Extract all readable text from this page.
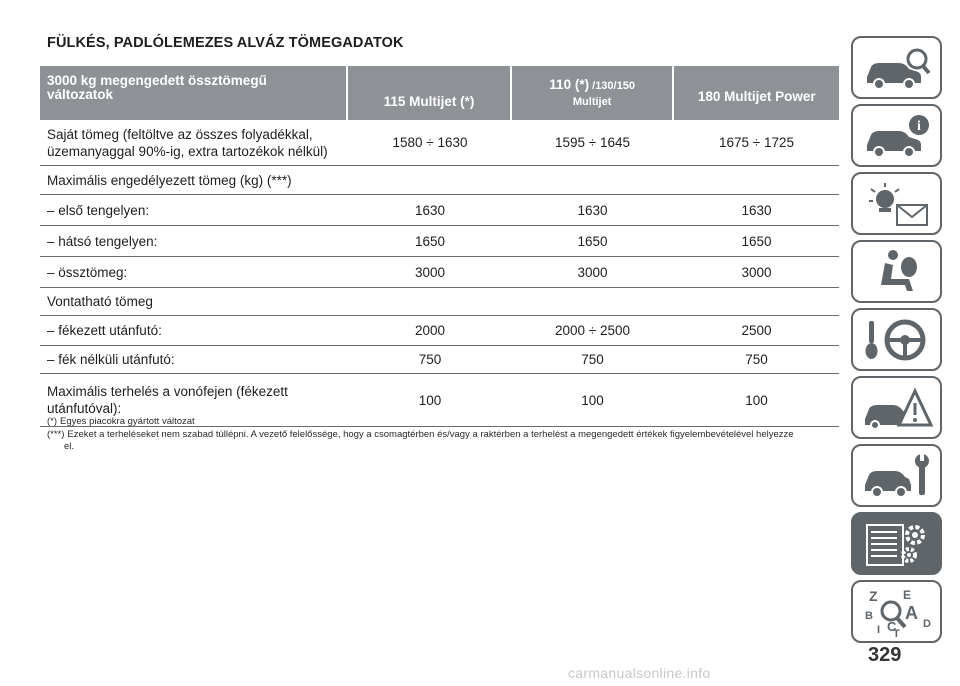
FÜLKÉS, PADLÓLEMEZES ALVÁZ TÖMEGADATOK
3000 kg megengedett össztömegű
változatok	115 Multijet (*)
110 (*) /130/150
Multijet	180 Multijet Power
Saját tömeg (feltöltve az összes folyadékkal,
üzemanyaggal 90%-ig, extra tartozékok nélkül)
1580 ÷ 1630	1595 ÷ 1645	1675 ÷ 1725
Maximális engedélyezett tömeg (kg) (***)
– első tengelyen:	1630	1630	1630
– hátsó tengelyen:	1650	1650	1650
– össztömeg:	3000	3000	3000
Vontatható tömeg
– fékezett utánfutó:	2000	2000 ÷ 2500	2500
– fék nélküli utánfutó:	750	750	750
Maximális terhelés a vonófejen (fékezett
utánfutóval):
100	100	100
(*) Egyes piacokra gyártott változat
(***) Ezeket a terheléseket nem szabad túllépni. A vezető felelőssége, hogy a csomagtérben és/vagy a raktérben a terhelést a megengedett értékek figyelembevételével helyezze
el.
i
Z E
B A
D
I C
T
329
carmanualsonline.info
